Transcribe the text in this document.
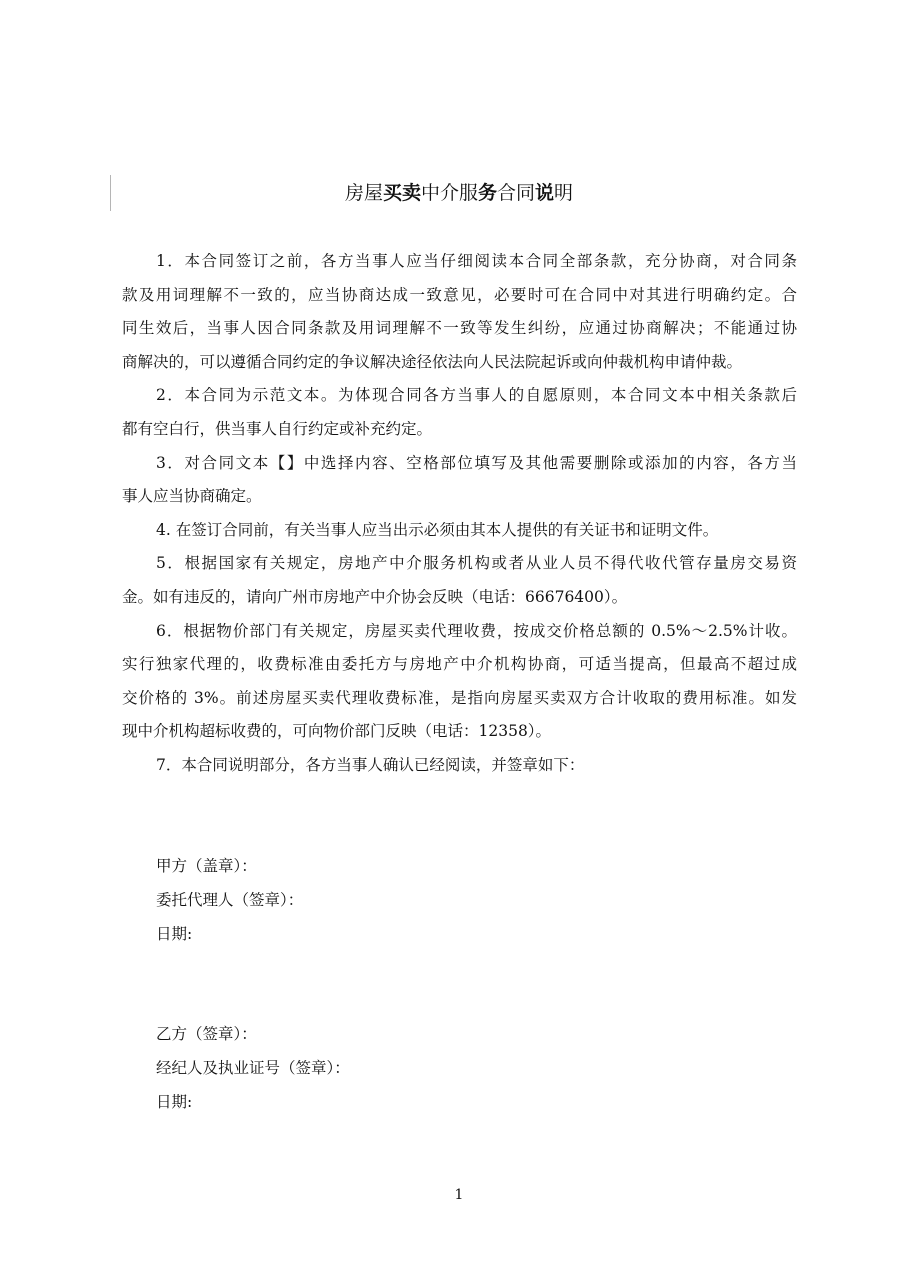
房屋买卖中介服务合同说明
1．本合同签订之前，各方当事人应当仔细阅读本合同全部条款，充分协商，对合同条
款及用词理解不一致的，应当协商达成一致意见，必要时可在合同中对其进行明确约定。合
同生效后，当事人因合同条款及用词理解不一致等发生纠纷，应通过协商解决；不能通过协
商解决的，可以遵循合同约定的争议解决途径依法向人民法院起诉或向仲裁机构申请仲裁。
2．本合同为示范文本。为体现合同各方当事人的自愿原则，本合同文本中相关条款后
都有空白行，供当事人自行约定或补充约定。
3．对合同文本【】中选择内容、空格部位填写及其他需要删除或添加的内容，各方当
事人应当协商确定。
4. 在签订合同前，有关当事人应当出示必须由其本人提供的有关证书和证明文件。
5．根据国家有关规定，房地产中介服务机构或者从业人员不得代收代管存量房交易资
金。如有违反的，请向广州市房地产中介协会反映（电话：66676400）。
6．根据物价部门有关规定，房屋买卖代理收费，按成交价格总额的 0.5%～2.5%计收。
实行独家代理的，收费标准由委托方与房地产中介机构协商，可适当提高，但最高不超过成
交价格的 3%。前述房屋买卖代理收费标准，是指向房屋买卖双方合计收取的费用标准。如发
现中介机构超标收费的，可向物价部门反映（电话：12358）。
7．本合同说明部分，各方当事人确认已经阅读，并签章如下：
甲方（盖章）：
委托代理人（签章）：
日期:
乙方（签章）：
经纪人及执业证号（签章）：
日期:
1
